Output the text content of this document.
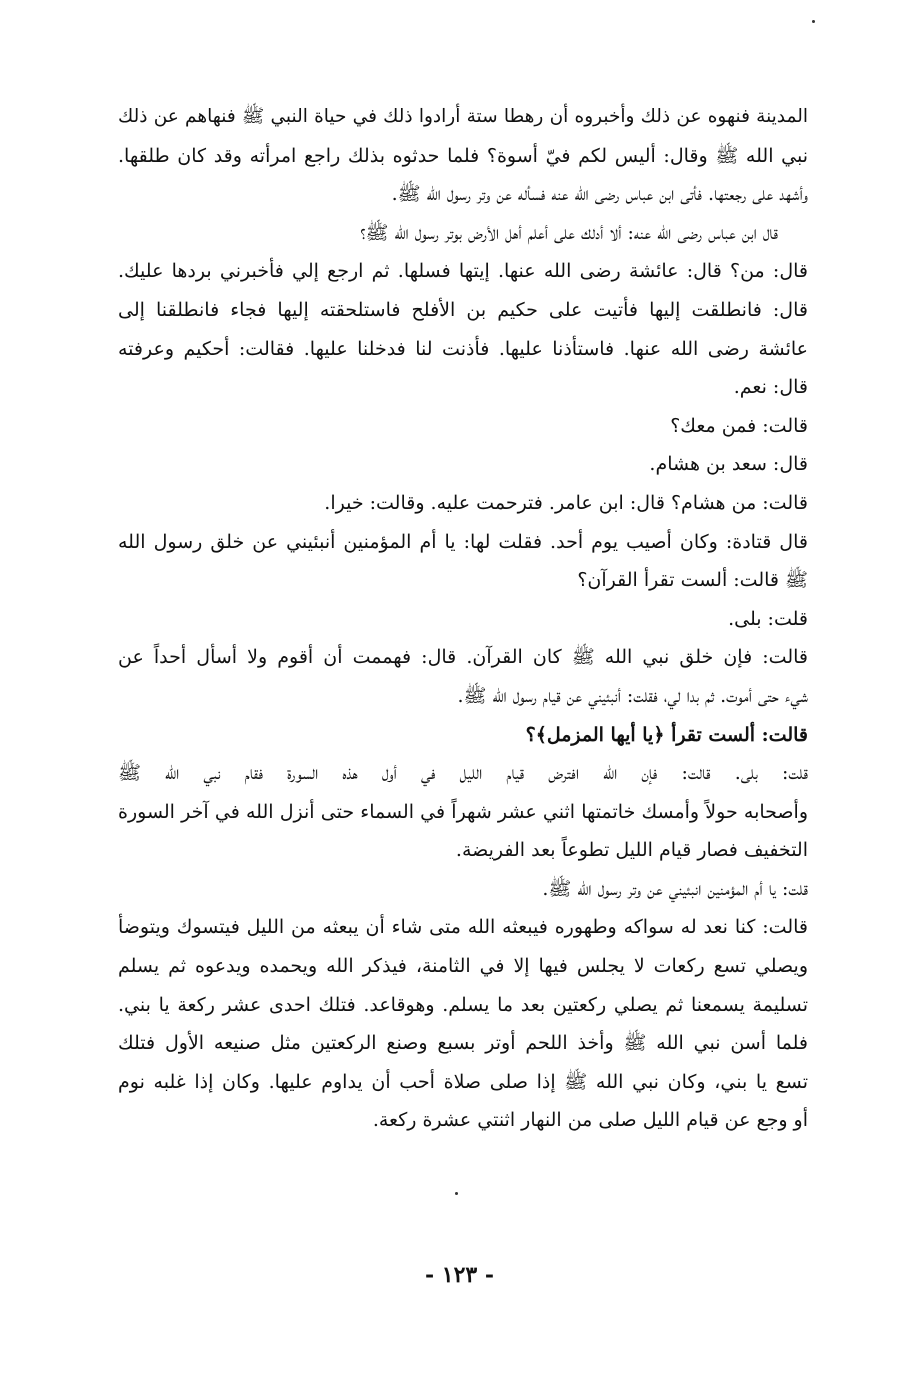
المدينة فنهوه عن ذلك وأخبروه أن رهطا ستة أرادوا ذلك في حياة النبي ﷺ فنهاهم عن ذلك
نبي الله ﷺ وقال: أليس لكم فيّ أسوة؟ فلما حدثوه بذلك راجع امرأته وقد كان طلقها.
وأشهد على رجعتها. فأتى ابن عباس رضى الله عنه فسأله عن وتر رسول الله ﷺ.
قال ابن عباس رضى الله عنه: ألا أدلك على أعلم أهل الأرض بوتر رسول الله ﷺ؟
قال: من؟ قال: عائشة رضى الله عنها. إيتها فسلها. ثم ارجع إلي فأخبرني بردها عليك.
قال: فانطلقت إليها فأتيت على حكيم بن الأفلح فاستلحقته إليها فجاء فانطلقنا إلى
عائشة رضى الله عنها. فاستأذنا عليها. فأذنت لنا فدخلنا عليها. فقالت: أحكيم وعرفته
قال: نعم.
قالت: فمن معك؟
قال: سعد بن هشام.
قالت: من هشام؟ قال: ابن عامر. فترحمت عليه. وقالت: خيرا.
قال قتادة: وكان أصيب يوم أحد. فقلت لها: يا أم المؤمنين أنبئيني عن خلق رسول الله
ﷺ قالت: ألست تقرأ القرآن؟
قلت: بلى.
قالت: فإن خلق نبي الله ﷺ كان القرآن. قال: فهممت أن أقوم ولا أسأل أحداً عن
شيء حتى أموت. ثم بدا لي، فقلت: أنبئيني عن قيام رسول الله ﷺ.
قالت: ألست تقرأ ﴿يا أيها المزمل﴾؟
قلت: بلى. قالت: فإن الله افترض قيام الليل في أول هذه السورة فقام نبي الله ﷺ
وأصحابه حولاً وأمسك خاتمتها اثني عشر شهراً في السماء حتى أنزل الله في آخر السورة
التخفيف فصار قيام الليل تطوعاً بعد الفريضة.
قلت: يا أم المؤمنين انبئيني عن وتر رسول الله ﷺ.
قالت: كنا نعد له سواكه وطهوره فيبعثه الله متى شاء أن يبعثه من الليل فيتسوك ويتوضأ
ويصلي تسع ركعات لا يجلس فيها إلا في الثامنة، فيذكر الله ويحمده ويدعوه ثم يسلم
تسليمة يسمعنا ثم يصلي ركعتين بعد ما يسلم. وهوقاعد. فتلك احدى عشر ركعة يا بني.
فلما أسن نبي الله ﷺ وأخذ اللحم أوتر بسبع وصنع الركعتين مثل صنيعه الأول فتلك
تسع يا بني، وكان نبي الله ﷺ إذا صلى صلاة أحب أن يداوم عليها. وكان إذا غلبه نوم
أو وجع عن قيام الليل صلى من النهار اثنتي عشرة ركعة.
- ١٢٣ -
